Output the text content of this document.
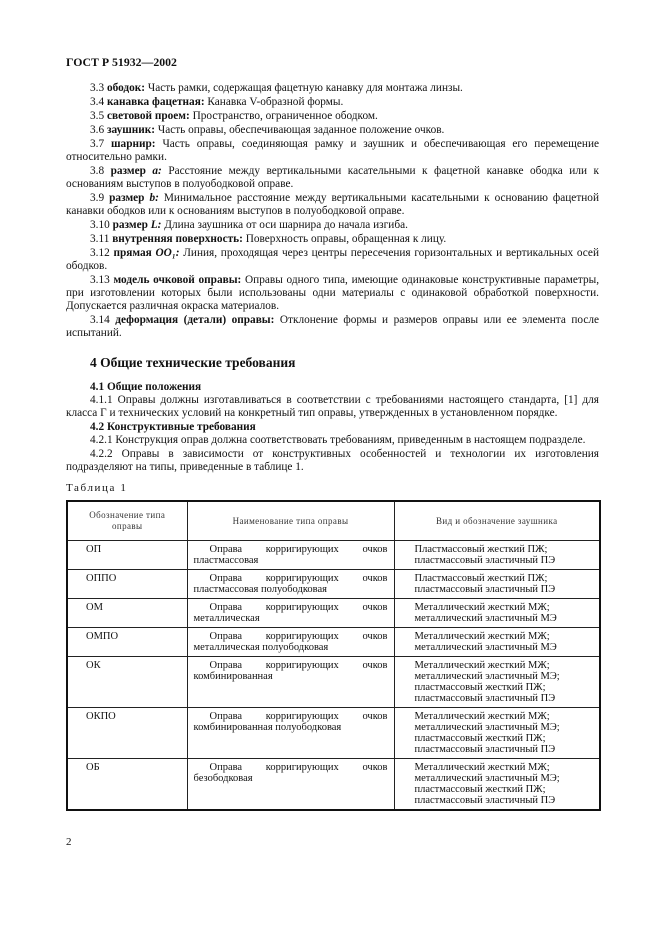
ГОСТ Р 51932—2002

3.3 ободок: Часть рамки, содержащая фацетную канавку для монтажа линзы.

3.4 канавка фацетная: Канавка V-образной формы.

3.5 световой проем: Пространство, ограниченное ободком.

3.6 заушник: Часть оправы, обеспечивающая заданное положение очков.

3.7 шарнир: Часть оправы, соединяющая рамку и заушник и обеспечивающая его перемещение относительно рамки.

3.8 размер а: Расстояние между вертикальными касательными к фацетной канавке ободка или к основаниям выступов в полуободковой оправе.

3.9 размер b: Минимальное расстояние между вертикальными касательными к основанию фацетной канавки ободков или к основаниям выступов в полуободковой оправе.

3.10 размер L: Длина заушника от оси шарнира до начала изгиба.

3.11 внутренняя поверхность: Поверхность оправы, обращенная к лицу.

3.12 прямая OO₁: Линия, проходящая через центры пересечения горизонтальных и вертикальных осей ободков.

3.13 модель очковой оправы: Оправы одного типа, имеющие одинаковые конструктивные параметры, при изготовлении которых были использованы одни материалы с одинаковой обработкой поверхности. Допускается различная окраска материалов.

3.14 деформация (детали) оправы: Отклонение формы и размеров оправы или ее элемента после испытаний.

4 Общие технические требования
4.1 Общие положения

4.1.1 Оправы должны изготавливаться в соответствии с требованиями настоящего стандарта, [1] для класса Г и технических условий на конкретный тип оправы, утвержденных в установленном порядке.

4.2 Конструктивные требования

4.2.1 Конструкция оправ должна соответствовать требованиям, приведенным в настоящем подразделе.

4.2.2 Оправы в зависимости от конструктивных особенностей и технологии их изготовления подразделяют на типы, приведенные в таблице 1.

Таблица 1
Обозначение типа оправы	Наименование типа оправы	Вид и обозначение заушника
ОП	Оправа корригирующих очков пластмассовая	Пластмассовый жесткий ПЖ;
пластмассовый эластичный ПЭ

ОППО	Оправа корригирующих очков пластмассовая полуободковая	Пластмассовый жесткий ПЖ;
пластмассовый эластичный ПЭ

ОМ	Оправа корригирующих очков металлическая	Металлический жесткий МЖ;
металлический эластичный МЭ

ОМПО	Оправа корригирующих очков металлическая полуободковая	Металлический жесткий МЖ;
металлический эластичный МЭ

ОК	Оправа корригирующих очков комбинированная	Металлический жесткий МЖ;
металлический эластичный МЭ;
пластмассовый жесткий ПЖ;
пластмассовый эластичный ПЭ

ОКПО	Оправа корригирующих очков комбинированная полуободковая	Металлический жесткий МЖ;
металлический эластичный МЭ;
пластмассовый жесткий ПЖ;
пластмассовый эластичный ПЭ

ОБ	Оправа корригирующих очков безободковая	Металлический жесткий МЖ;
металлический эластичный МЭ;
пластмассовый жесткий ПЖ;
пластмассовый эластичный ПЭ
2
